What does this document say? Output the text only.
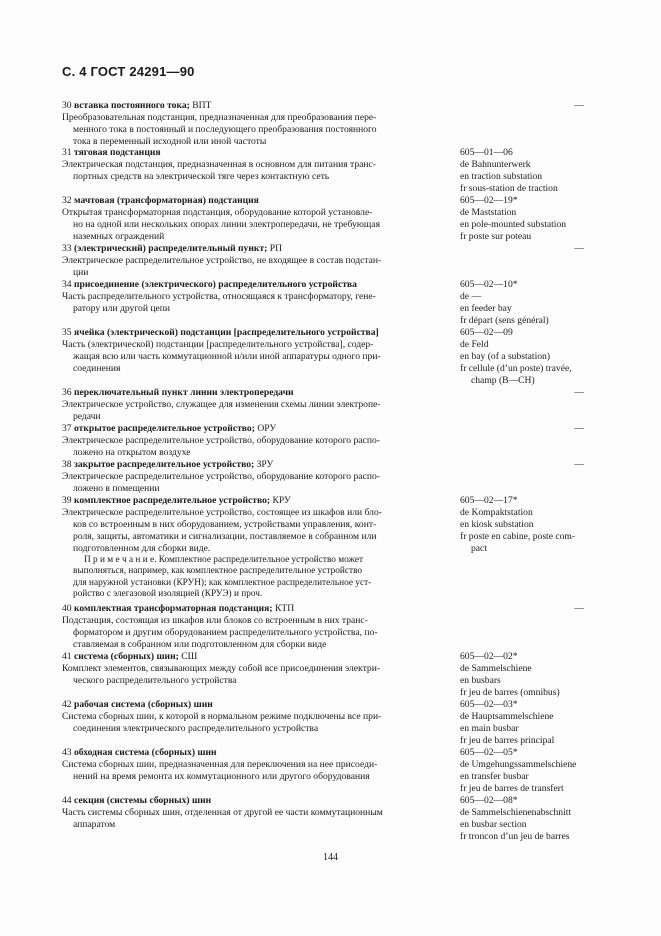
С. 4 ГОСТ 24291—90
30 вставка постоянного тока; ВПТ
Преобразовательная подстанция, предназначенная для преобразования пере-
менного тока в постоянный и последующего преобразования постоянного
тока в переменный исходной или иной частоты
—
31 тяговая подстанция
Электрическая подстанция, предназначенная в основном для питания транс-
портных средств на электрической тяге через контактную сеть
605—01—06
de Bahnunterwerk
en traction substation
fr sous-station de traction
32 мачтовая (трансформаторная) подстанция
Открытая трансформаторная подстанция, оборудование которой установле-
но на одной или нескольких опорах линии электропередачи, не требующая
наземных ограждений
605—02—19*
de Maststation
en pole-mounted substation
fr poste sur poteau
33 (электрический) распределительный пункт; РП
Электрическое распределительное устройство, не входящее в состав подстан-
ции
—
34 присоединение (электрического) распределительного устройства
Часть распределительного устройства, относящаяся к трансформатору, гене-
ратору или другой цепи
605—02—10*
de —
en feeder bay
fr départ (sens général)
35 ячейка (электрической) подстанции [распределительного устройства]
Часть (электрической) подстанции [распределительного устройства], содер-
жащая всю или часть коммутационной и/или иной аппаратуры одного при-
соединения
605—02—09
de Feld
en bay (of a substation)
fr cellule (d’un poste) travée,
champ (B—CH)
36 переключательный пункт линии электропередачи
Электрическое устройство, служащее для изменения схемы линии электропе-
редачи
—
37 открытое распределительное устройство; ОРУ
Электрическое распределительное устройство, оборудование которого распо-
ложено на открытом воздухе
—
38 закрытое распределительное устройство; ЗРУ
Электрическое распределительное устройство, оборудование которого распо-
ложено в помещении
—
39 комплектное распределительное устройство; КРУ
Электрическое распределительное устройство, состоящее из шкафов или бло-
ков со встроенным в них оборудованием, устройствами управления, конт-
роля, защиты, автоматики и сигнализации, поставляемое в собранном или
подготовленном для сборки виде.
П р и м е ч а н и е. Комплектное распределительное устройство может
выполняться, например, как комплектное распределительное устройство
для наружной установки (КРУН); как комплектное распределительное уст-
ройство с элегазовой изоляцией (КРУЭ) и проч.
605—02—17*
de Kompaktstation
en kiosk substation
fr poste en cabine, poste com-
pact
40 комплектная трансформаторная подстанция; КТП
Подстанция, состоящая из шкафов или блоков со встроенным в них транс-
форматором и другим оборудованием распределительного устройства, по-
ставляемая в собранном или подготовленном для сборки виде
—
41 система (сборных) шин; СШ
Комплект элементов, связывающих между собой все присоединения электри-
ческого распределительного устройства
605—02—02*
de Sammelschiene
en busbars
fr jeu de barres (omnibus)
42 рабочая система (сборных) шин
Система сборных шин, к которой в нормальном режиме подключены все при-
соединения электрического распределительного устройства
605—02—03*
de Hauptsammelschiene
en main busbar
fr jeu de barres principal
43 обходная система (сборных) шин
Система сборных шин, предназначенная для переключения на нее присоеди-
нений на время ремонта их коммутационного или другого оборудования
605—02—05*
de Umgehungssammelschiene
en transfer busbar
fr jeu de barres de transfert
44 секция (системы сборных) шин
Часть системы сборных шин, отделенная от другой ее части коммутационным
аппаратом
605—02—08*
de Sammelschienenabschnitt
en busbar section
fr troncon d’un jeu de barres
144
